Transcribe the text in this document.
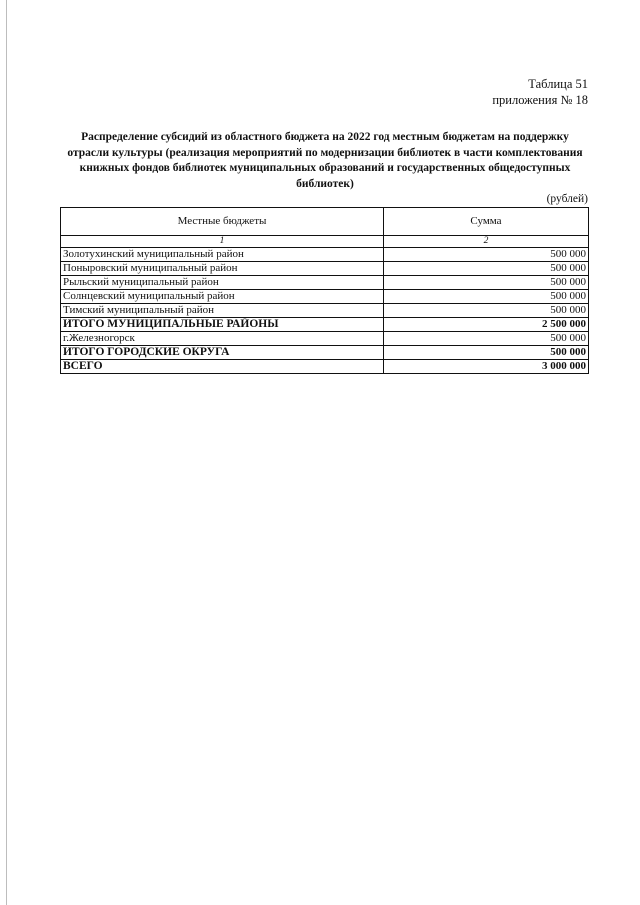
Таблица 51
приложения № 18
Распределение субсидий из областного бюджета на 2022 год местным бюджетам на поддержку отрасли культуры (реализация мероприятий по модернизации библиотек в части комплектования книжных фондов библиотек муниципальных образований и государственных общедоступных библиотек)
(рублей)
Местные бюджеты	Сумма
1	2
Золотухинский муниципальный район	500 000
Поныровский муниципальный район	500 000
Рыльский муниципальный район	500 000
Солнцевский муниципальный район	500 000
Тимский муниципальный район	500 000
ИТОГО МУНИЦИПАЛЬНЫЕ РАЙОНЫ	2 500 000
г.Железногорск	500 000
ИТОГО ГОРОДСКИЕ ОКРУГА	500 000
ВСЕГО	3 000 000
